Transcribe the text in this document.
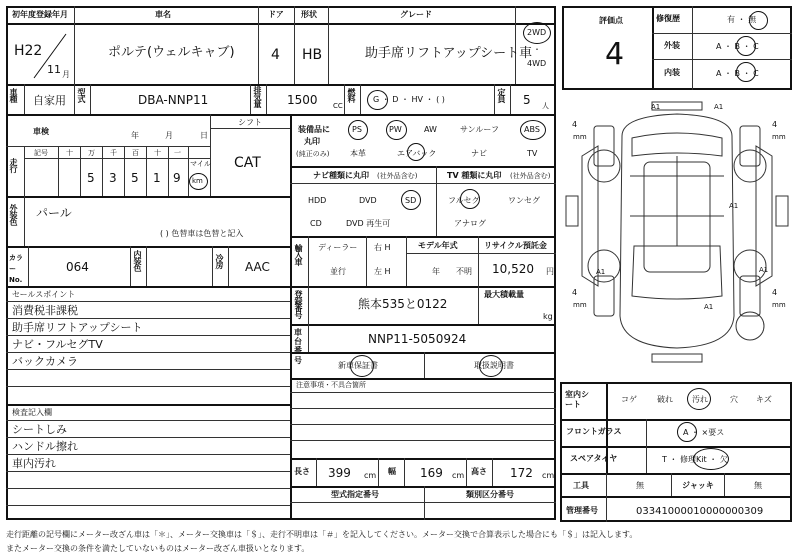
初年度登録年月	車名	ドア 形状	グレード
H22
11 月
ポルテ(ウェルキャブ)	4 HB	助手席リフトアップシート車
2WD
・
4WD
車種 自家用 型式	DBA-NNP11	排気量 1500 CC
燃料 G ・ D ・ HV ・ ( )	定員 5 人
車検	年	月	日
シフト
CAT
走行
記号	十 万 千 百 十 一
5 3 5 1 9
マイル
km
外装色 パール
( ) 色替車は色替と記入
カラーNo.
064	内装色	冷房 AAC
セールスポイント
消費税非課税
助手席リフトアップシート
ナビ・フルセグTV
バックカメラ
検査記入欄
シートしみ
ハンドル擦れ
車内汚れ
装備品に
丸印
(純正のみ)
PS	PW	AW	サンルーフ	ABS
本革	エアバック	ナビ	TV
ナビ種類に丸印 (社外品含む)	TV 種類に丸印 (社外品含む)
HDD	DVD	SD
CD	DVD 再生可
フルセグ	ワンセグ
アナログ
輸入車 ディーラー
並行
右 H
左 H
モデル年式
年 不明
リサイクル預託金
10,520 円
登録番号	熊本535と0122
最大積載量
kg
車台番号
NNP11-5050924
新車保証書	取扱説明書
注意事項・不具合箇所
長さ 399 cm 幅 169 cm 高さ 172 cm
型式指定番号	類別区分番号
走行距離の記号欄にメーター改ざん車は「＊」、メーター交換車は「＄」、走行不明車は「＃」を記入してください。メーター交換で合算表示した場合にも「＄」は記入します。
またメーター交換の条件を満たしていないものはメーター改ざん車扱いとなります。
評価点
4
修復歴	有 ・ 無
外装	A ・ B ・ C
内装	A ・ B ・ C
4
mm
4
mm
4
mm
4
mm
A1	A1
A1
A1	A1
A1
室内シート
コゲ	破れ 汚れ	穴 キズ
フロントガラス	A ・ ×要ス
スペアタイヤ	T ・ 修理Kit ・ 欠
工具	無	ジャッキ	無
管理番号	03341000010000000309
